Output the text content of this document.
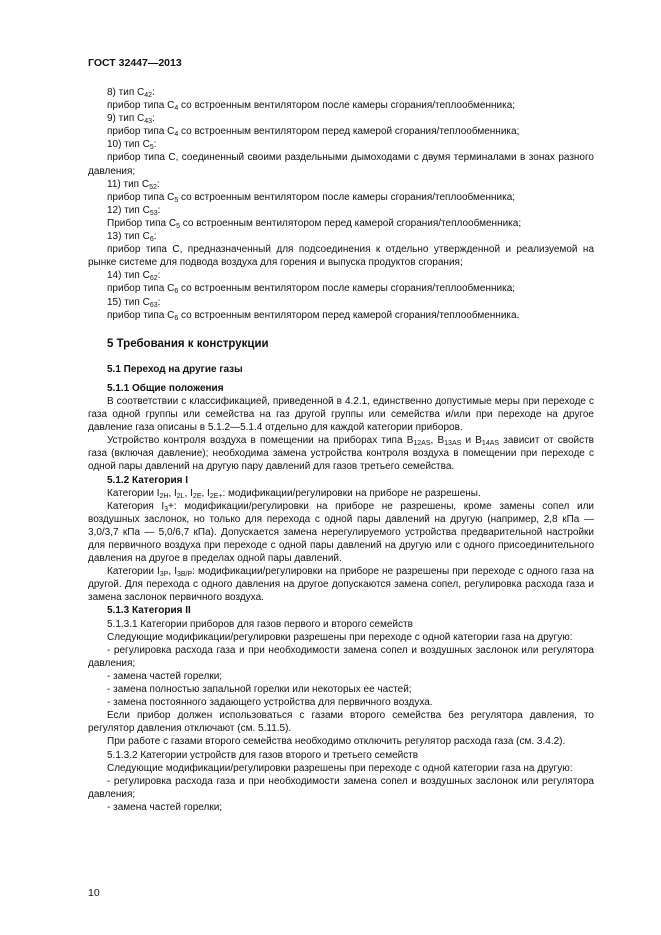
ГОСТ 32447—2013

8) тип $С_{42}$:

прибор типа $С_4$ со встроенным вентилятором после камеры сгорания/теплообменника;

9) тип $С_{43}$:

прибор типа $С_4$ со встроенным вентилятором перед камерой сгорания/теплообменника;

10) тип $С_5$:

прибор типа С, соединенный своими раздельными дымоходами с двумя терминалами в зонах разного давления;

11) тип $С_{52}$:

прибор типа $С_5$ со встроенным вентилятором после камеры сгорания/теплообменника;

12) тип $С_{53}$:

Прибор типа $С_5$ со встроенным вентилятором перед камерой сгорания/теплообменника;

13) тип $С_6$:

прибор типа С, предназначенный для подсоединения к отдельно утвержденной и реализуемой на рынке системе для подвода воздуха для горения и выпуска продуктов сгорания;

14) тип $С_{62}$:

прибор типа $С_6$ со встроенным вентилятором после камеры сгорания/теплообменника;

15) тип $С_{63}$:

прибор типа $С_6$ со встроенным вентилятором перед камерой сгорания/теплообменника.

5 Требования к конструкции

5.1 Переход на другие газы

5.1.1 Общие положения

В соответствии с классификацией, приведенной в 4.2.1, единственно допустимые меры при переходе с газа одной группы или семейства на газ другой группы или семейства и/или при переходе на другое давление газа описаны в 5.1.2—5.1.4 отдельно для каждой категории приборов.

Устройство контроля воздуха в помещении на приборах типа $В_{12AS}$, $В_{13AS}$ и $В_{14AS}$ зависит от свойств газа (включая давление); необходима замена устройства контроля воздуха в помещении при переходе с одной пары давлений на другую пару давлений для газов третьего семейства.

5.1.2 Категория I

Категории $I_{2H}$, $I_{2L}$, $I_{2E}$, $I_{2E+}$: модификации/регулировки на приборе не разрешены.

Категория $I_3+$: модификации/регулировки на приборе не разрешены, кроме замены сопел или воздушных заслонок, но только для перехода с одной пары давлений на другую (например, 2,8 кПа — 3,0/3,7 кПа — 5,0/6,7 кПа). Допускается замена нерегулируемого устройства предварительной настройки для первичного воздуха при переходе с одной пары давлений на другую или с одного присоединительного давления на другое в пределах одной пары давлений.

Категории $I_{3P}$, $I_{3В/Р}$: модификации/регулировки на приборе не разрешены при переходе с одного газа на другой. Для перехода с одного давления на другое допускаются замена сопел, регулировка расхода газа и замена заслонок первичного воздуха.

5.1.3 Категория II

5.1.3.1 Категории приборов для газов первого и второго семейств

Следующие модификации/регулировки разрешены при переходе с одной категории газа на другую:

- регулировка расхода газа и при необходимости замена сопел и воздушных заслонок или регулятора давления;

- замена частей горелки;

- замена полностью запальной горелки или некоторых ее частей;

- замена постоянного задающего устройства для первичного воздуха.

Если прибор должен использоваться с газами второго семейства без регулятора давления, то регулятор давления отключают (см. 5.11.5).

При работе с газами второго семейства необходимо отключить регулятор расхода газа (см. 3.4.2).

5.1.3.2 Категории устройств для газов второго и третьего семейств

Следующие модификации/регулировки разрешены при переходе с одной категории газа на другую:

- регулировка расхода газа и при необходимости замена сопел и воздушных заслонок или регулятора давления;

- замена частей горелки;

10
